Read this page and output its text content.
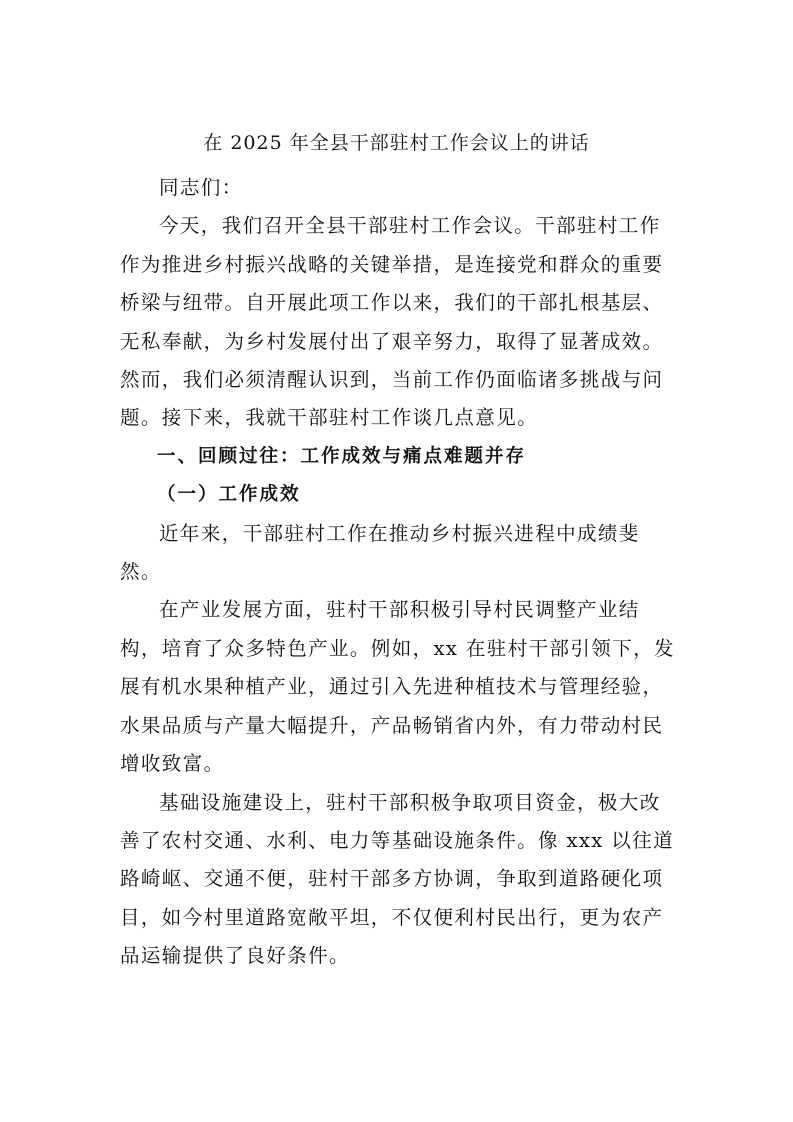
在 2025 年全县干部驻村工作会议上的讲话

同志们：

今天，我们召开全县干部驻村工作会议。干部驻村工作作为推进乡村振兴战略的关键举措，是连接党和群众的重要桥梁与纽带。自开展此项工作以来，我们的干部扎根基层、无私奉献，为乡村发展付出了艰辛努力，取得了显著成效。然而，我们必须清醒认识到，当前工作仍面临诸多挑战与问题。接下来，我就干部驻村工作谈几点意见。

一、回顾过往：工作成效与痛点难题并存

（一）工作成效

近年来，干部驻村工作在推动乡村振兴进程中成绩斐然。

在产业发展方面，驻村干部积极引导村民调整产业结构，培育了众多特色产业。例如，xx 在驻村干部引领下，发展有机水果种植产业，通过引入先进种植技术与管理经验，水果品质与产量大幅提升，产品畅销省内外，有力带动村民增收致富。

基础设施建设上，驻村干部积极争取项目资金，极大改善了农村交通、水利、电力等基础设施条件。像 xxx 以往道路崎岖、交通不便，驻村干部多方协调，争取到道路硬化项目，如今村里道路宽敞平坦，不仅便利村民出行，更为农产品运输提供了良好条件。
